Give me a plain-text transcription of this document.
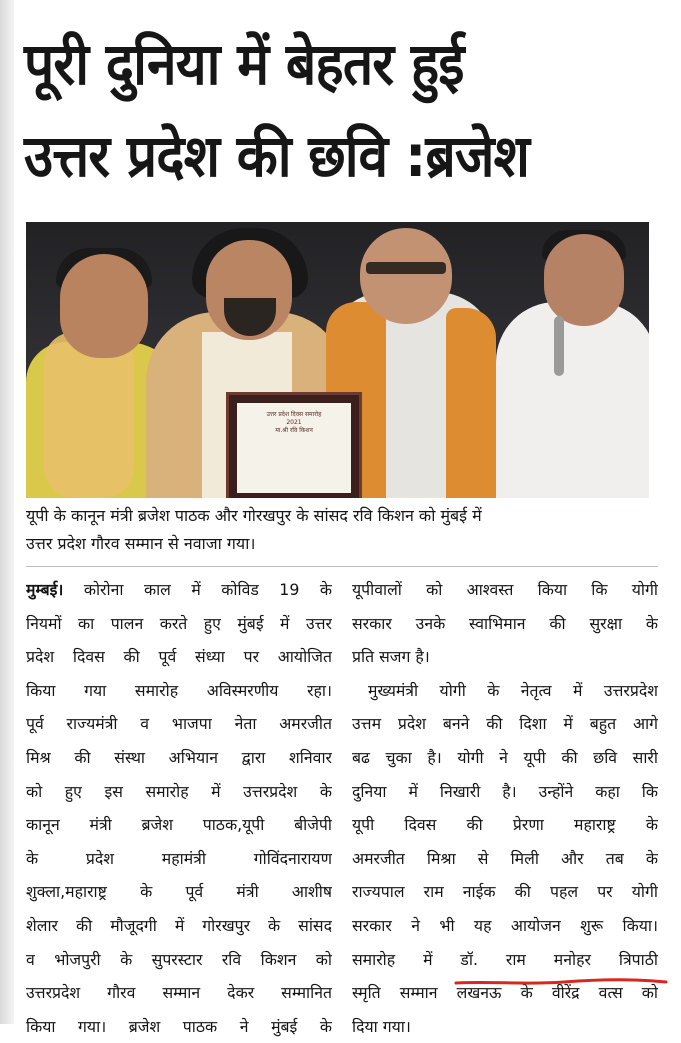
पूरी दुनिया में बेहतर हुई
उत्तर प्रदेश की छवि :ब्रजेश
उत्तर प्रदेश दिवस समारोह
2021
मा.श्री रवि किशन
यूपी के कानून मंत्री ब्रजेश पाठक और गोरखपुर के सांसद रवि किशन को मुंबई में
उत्तर प्रदेश गौरव सम्मान से नवाजा गया।
मुम्बई। कोरोना काल में कोविड 19 के
नियमों का पालन करते हुए मुंबई में उत्तर
प्रदेश दिवस की पूर्व संध्या पर आयोजित
किया गया समारोह अविस्मरणीय रहा।
पूर्व राज्यमंत्री व भाजपा नेता अमरजीत
मिश्र की संस्था अभियान द्वारा शनिवार
को हुए इस समारोह में उत्तरप्रदेश के
कानून मंत्री ब्रजेश पाठक,यूपी बीजेपी
के प्रदेश महामंत्री गोविंदनारायण
शुक्ला,महाराष्ट्र के पूर्व मंत्री आशीष
शेलार की मौजूदगी में गोरखपुर के सांसद
व भोजपुरी के सुपरस्टार रवि किशन को
उत्तरप्रदेश गौरव सम्मान देकर सम्मानित
किया गया। ब्रजेश पाठक ने मुंबई के
यूपीवालों को आश्वस्त किया कि योगी
सरकार उनके स्वाभिमान की सुरक्षा के
प्रति सजग है।
मुख्यमंत्री योगी के नेतृत्व में उत्तरप्रदेश
उत्तम प्रदेश बनने की दिशा में बहुत आगे
बढ चुका है। योगी ने यूपी की छवि सारी
दुनिया में निखारी है। उन्होंने कहा कि
यूपी दिवस की प्रेरणा महाराष्ट्र के
अमरजीत मिश्रा से मिली और तब के
राज्यपाल राम नाईक की पहल पर योगी
सरकार ने भी यह आयोजन शुरू किया।
समारोह में डॉ. राम मनोहर त्रिपाठी
स्मृति सम्मान लखनऊ के वीरेंद्र वत्स को
दिया गया।
